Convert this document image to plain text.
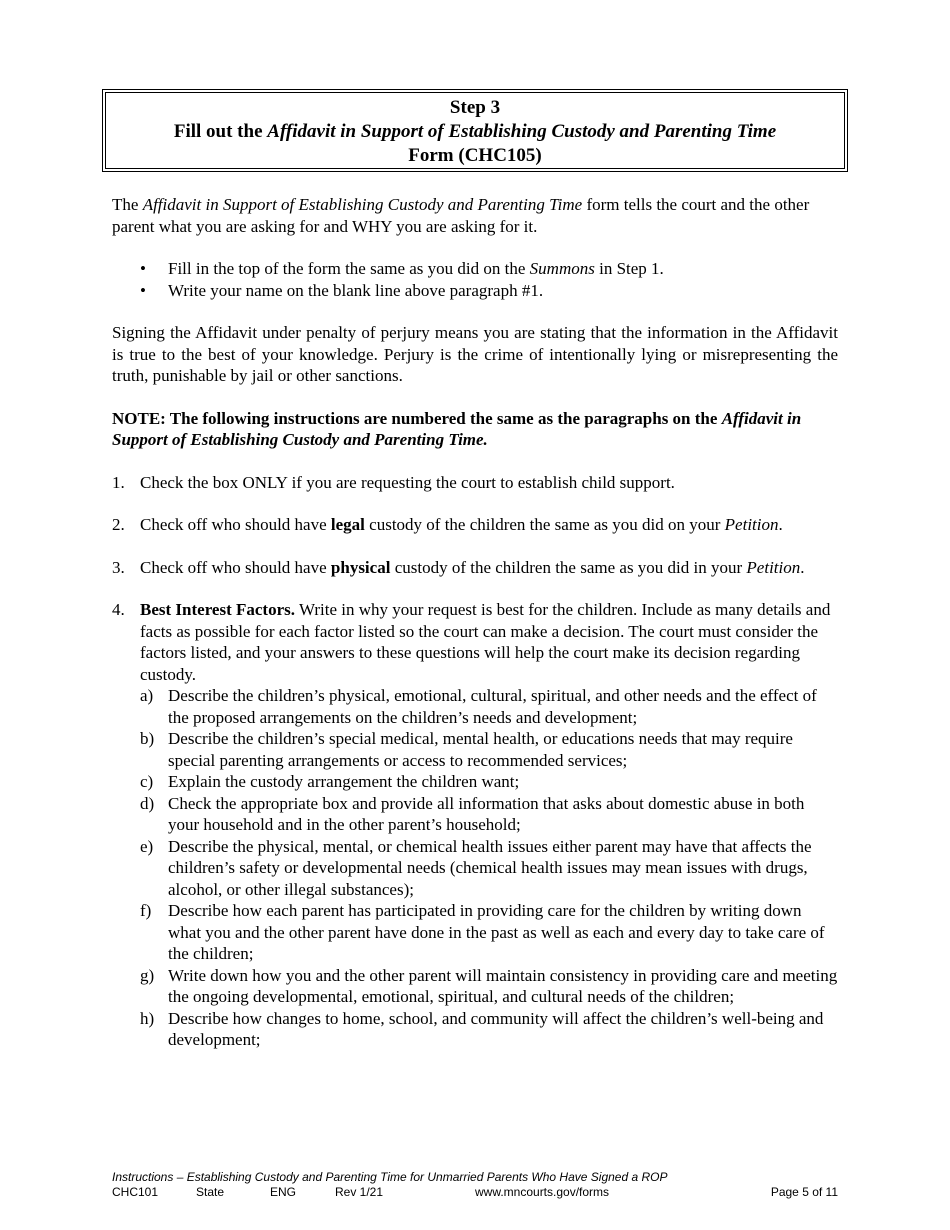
Step 3
Fill out the Affidavit in Support of Establishing Custody and Parenting Time
Form (CHC105)

The Affidavit in Support of Establishing Custody and Parenting Time form tells the court and the other parent what you are asking for and WHY you are asking for it.

• Fill in the top of the form the same as you did on the Summons in Step 1.
• Write your name on the blank line above paragraph #1.

Signing the Affidavit under penalty of perjury means you are stating that the information in the Affidavit is true to the best of your knowledge. Perjury is the crime of intentionally lying or misrepresenting the truth, punishable by jail or other sanctions.

NOTE: The following instructions are numbered the same as the paragraphs on the Affidavit in Support of Establishing Custody and Parenting Time.

1. Check the box ONLY if you are requesting the court to establish child support.
2. Check off who should have legal custody of the children the same as you did on your Petition.
3. Check off who should have physical custody of the children the same as you did in your Petition.
4. Best Interest Factors. Write in why your request is best for the children. Include as many details and facts as possible for each factor listed so the court can make a decision. The court must consider the factors listed, and your answers to these questions will help the court make its decision regarding custody.

a) Describe the children’s physical, emotional, cultural, spiritual, and other needs and the effect of the proposed arrangements on the children’s needs and development;
b) Describe the children’s special medical, mental health, or educations needs that may require special parenting arrangements or access to recommended services;
c) Explain the custody arrangement the children want;
d) Check the appropriate box and provide all information that asks about domestic abuse in both your household and in the other parent’s household;
e) Describe the physical, mental, or chemical health issues either parent may have that affects the children’s safety or developmental needs (chemical health issues may mean issues with drugs, alcohol, or other illegal substances);
f) Describe how each parent has participated in providing care for the children by writing down what you and the other parent have done in the past as well as each and every day to take care of the children;
g) Write down how you and the other parent will maintain consistency in providing care and meeting the ongoing developmental, emotional, spiritual, and cultural needs of the children;
h) Describe how changes to home, school, and community will affect the children’s well-being and development;
Instructions – Establishing Custody and Parenting Time for Unmarried Parents Who Have Signed a ROP
CHC101	State	ENG	Rev 1/21	www.mncourts.gov/forms	Page 5 of 11
